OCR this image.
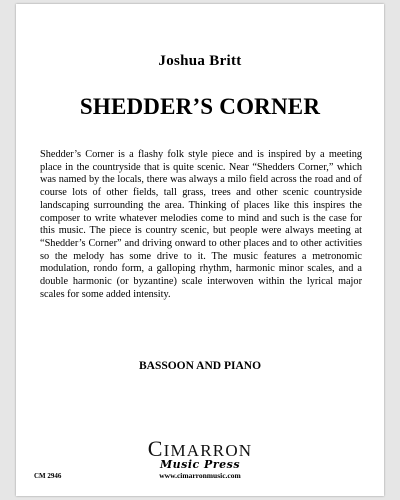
Joshua Britt
SHEDDER’S CORNER

Shedder’s Corner is a flashy folk style piece and is inspired by a meeting place in the countryside that is quite scenic. Near “Shedders Corner,” which was named by the locals, there was always a milo field across the road and of course lots of other fields, tall grass, trees and other scenic countryside landscaping surrounding the area. Thinking of places like this inspires the composer to write whatever melodies come to mind and such is the case for this music. The piece is country scenic, but people were always meeting at “Shedder’s Corner” and driving onward to other places and to other activities so the melody has some drive to it. The music features a metronomic modulation, rondo form, a galloping rhythm, harmonic minor scales, and a double harmonic (or byzantine) scale interwoven within the lyrical major scales for some added intensity.

BASSOON AND PIANO
CIMARRON
Music Press
www.cimarronmusic.com
CM 2946
